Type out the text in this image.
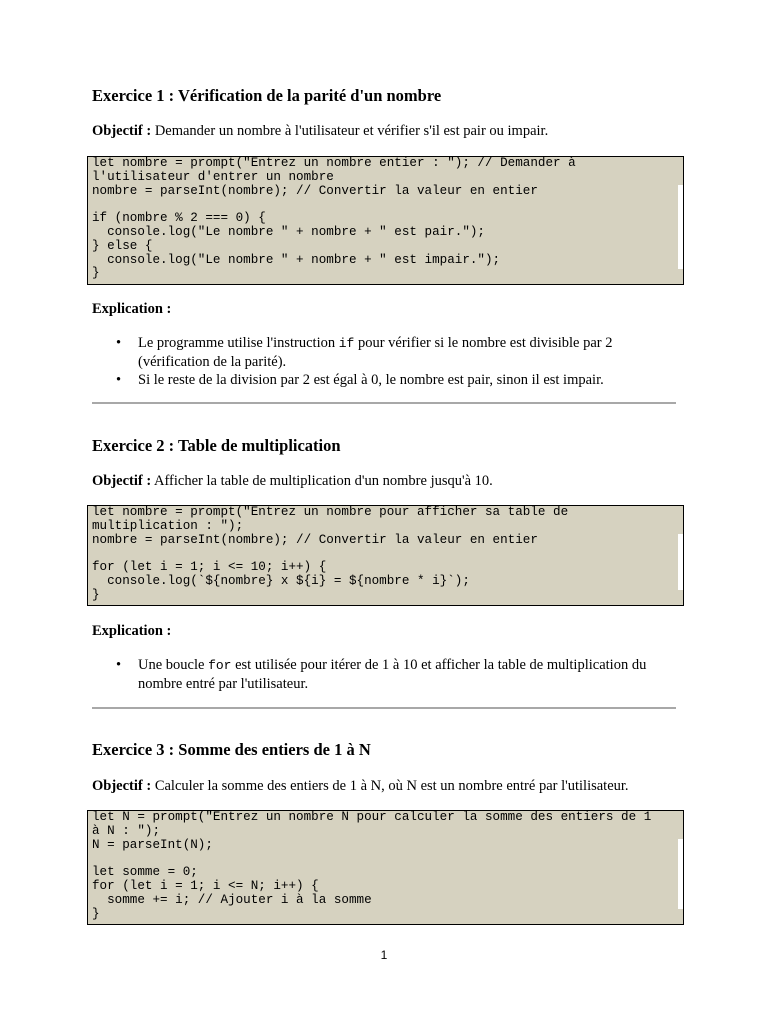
Exercice 1 : Vérification de la parité d'un nombre

Objectif : Demander un nombre à l'utilisateur et vérifier s'il est pair ou impair.

let nombre = prompt("Entrez un nombre entier : "); // Demander à
l'utilisateur d'entrer un nombre
nombre = parseInt(nombre); // Convertir la valeur en entier

if (nombre % 2 === 0) {
console.log("Le nombre " + nombre + " est pair.");
} else {
console.log("Le nombre " + nombre + " est impair.");
}

Explication :

• Le programme utilise l'instruction if pour vérifier si le nombre est divisible par 2 (vérification de la parité).
• Si le reste de la division par 2 est égal à 0, le nombre est pair, sinon il est impair.
Exercice 2 : Table de multiplication

Objectif : Afficher la table de multiplication d'un nombre jusqu'à 10.

let nombre = prompt("Entrez un nombre pour afficher sa table de
multiplication : ");
nombre = parseInt(nombre); // Convertir la valeur en entier

for (let i = 1; i <= 10; i++) {
console.log(`${nombre} x ${i} = ${nombre * i}`);
}

Explication :

• Une boucle for est utilisée pour itérer de 1 à 10 et afficher la table de multiplication du nombre entré par l'utilisateur.
Exercice 3 : Somme des entiers de 1 à N

Objectif : Calculer la somme des entiers de 1 à N, où N est un nombre entré par l'utilisateur.

let N = prompt("Entrez un nombre N pour calculer la somme des entiers de 1
à N : ");
N = parseInt(N);

let somme = 0;
for (let i = 1; i <= N; i++) {
somme += i; // Ajouter i à la somme
}
1
